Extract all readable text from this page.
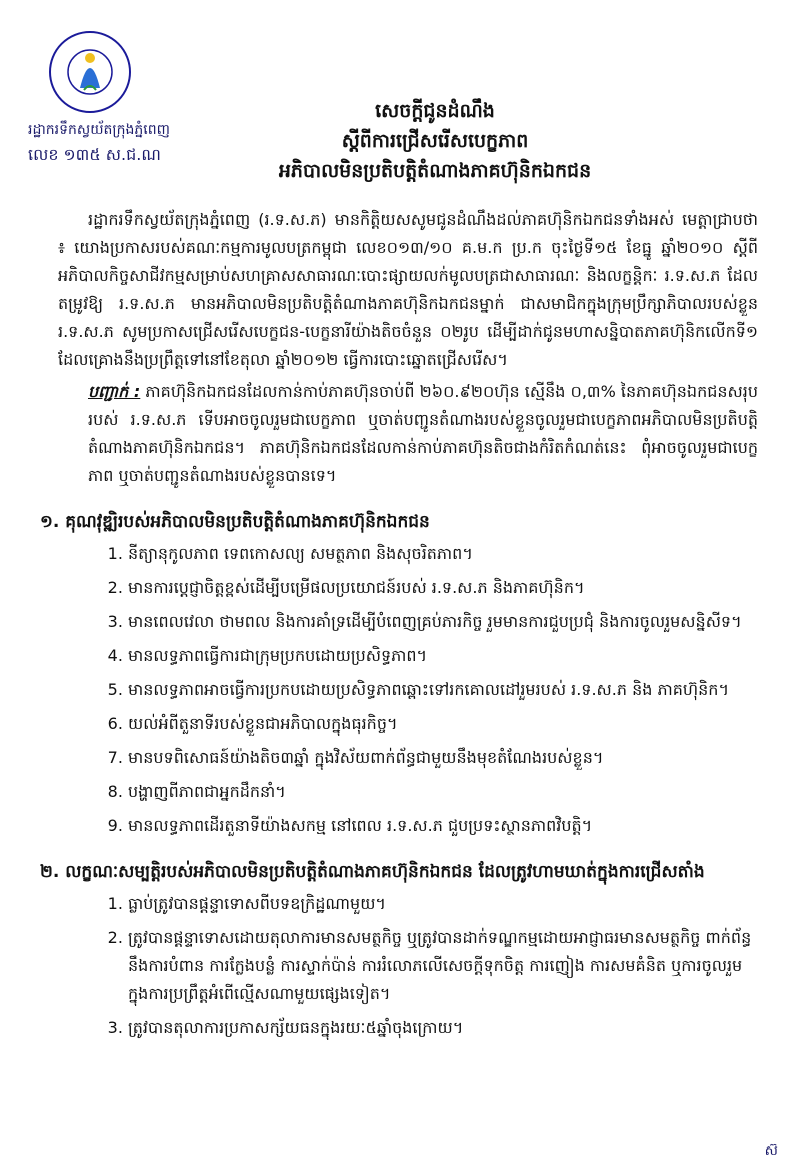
រដ្ឋាករទឹកស្វយ័តក្រុងភ្នំពេញ
លេខ ១៣៥ ស.ជ.ណ
សេចក្តីជូនដំណឹង
ស្តីពីការជ្រើសរើសបេក្ខភាព
អភិបាលមិនប្រតិបត្តិតំណាងភាគហ៊ុនិកឯកជន

រដ្ឋាករទឹកស្វយ័តក្រុងភ្នំពេញ (រ.ទ.ស.ភ) មានកិត្តិយសសូមជូនដំណឹងដល់ភាគហ៊ុនិកឯកជនទាំងអស់ មេត្តាជ្រាបថា ៖ យោងប្រកាសរបស់គណៈកម្មការមូលបត្រកម្ពុជា លេខ០១៣/១០ គ.ម.ក ប្រ.ក ចុះថ្ងៃទី១៥ ខែធ្នូ ឆ្នាំ២០១០ ស្តីពីអភិបាលកិច្ចសាជីវកម្មសម្រាប់សហគ្រាសសាធារណៈបោះផ្សាយលក់មូលបត្រជាសាធារណៈ និងលក្ខន្តិកៈ រ.ទ.ស.ភ ដែលតម្រូវឱ្យ រ.ទ.ស.ភ មានអភិបាលមិនប្រតិបត្តិតំណាងភាគហ៊ុនិកឯកជនម្នាក់ ជាសមាជិកក្នុងក្រុមប្រឹក្សាភិបាលរបស់ខ្លួន រ.ទ.ស.ភ សូមប្រកាសជ្រើសរើសបេក្ខជន-បេក្ខនារីយ៉ាងតិចចំនួន ០២រូប ដើម្បីដាក់ជូនមហាសន្និបាតភាគហ៊ុនិកលើកទី១ ដែលគ្រោងនឹងប្រព្រឹត្តទៅនៅខែតុលា ឆ្នាំ២០១២ ធ្វើការបោះឆ្នោតជ្រើសរើស។

បញ្ជាក់ : ភាគហ៊ុនិកឯកជនដែលកាន់កាប់ភាគហ៊ុនចាប់ពី ២៦០.៩២០ហ៊ុន ស្មើនឹង ០,៣% នៃភាគហ៊ុនឯកជនសរុបរបស់ រ.ទ.ស.ភ ទើបអាចចូលរួមជាបេក្ខភាព ឬចាត់បញ្ជូនតំណាងរបស់ខ្លួនចូលរួមជាបេក្ខភាពអភិបាលមិនប្រតិបត្តិតំណាងភាគហ៊ុនិកឯកជន។ ភាគហ៊ុនិកឯកជនដែលកាន់កាប់ភាគហ៊ុនតិចជាងកំរិតកំណត់នេះ ពុំអាចចូលរួមជាបេក្ខភាព ឬចាត់បញ្ជូនតំណាងរបស់ខ្លួនបានទេ។

១. គុណវុឌ្ឍិរបស់អភិបាលមិនប្រតិបត្តិតំណាងភាគហ៊ុនិកឯកជន
1. នីត្យានុកូលភាព ទេពកោសល្យ សមត្ថភាព និងសុចរិតភាព។
2. មានការប្តេជ្ញាចិត្តខ្ពស់ដើម្បីបម្រើផលប្រយោជន៍របស់ រ.ទ.ស.ភ និងភាគហ៊ុនិក។
3. មានពេលវេលា ថាមពល និងការគាំទ្រដើម្បីបំពេញគ្រប់ភារកិច្ច រួមមានការជួបប្រជុំ និងការចូលរួមសន្និសីទ។
4. មានលទ្ធភាពធ្វើការជាក្រុមប្រកបដោយប្រសិទ្ធភាព។
5. មានលទ្ធភាពអាចធ្វើការប្រកបដោយប្រសិទ្ធភាពឆ្ពោះទៅរកគោលដៅរួមរបស់ រ.ទ.ស.ភ និង ភាគហ៊ុនិក។
6. យល់អំពីតួនាទីរបស់ខ្លួនជាអភិបាលក្នុងធុរកិច្ច។
7. មានបទពិសោធន៍យ៉ាងតិច៣ឆ្នាំ ក្នុងវិស័យពាក់ព័ន្ធជាមួយនឹងមុខតំណែងរបស់ខ្លួន។
8. បង្ហាញពីភាពជាអ្នកដឹកនាំ។
9. មានលទ្ធភាពដើរតួនាទីយ៉ាងសកម្ម នៅពេល រ.ទ.ស.ភ ជួបប្រទះស្ថានភាពវិបត្តិ។
២. លក្ខណៈសម្បត្តិរបស់អភិបាលមិនប្រតិបត្តិតំណាងភាគហ៊ុនិកឯកជន ដែលត្រូវហាមឃាត់ក្នុងការជ្រើសតាំង
1. ធ្លាប់ត្រូវបានផ្តន្ទាទោសពីបទឧក្រិដ្ឋណាមួយ។
2. ត្រូវបានផ្តន្ទាទោសដោយតុលាការមានសមត្ថកិច្ច ឬត្រូវបានដាក់ទណ្ឌកម្មដោយអាជ្ញាធរមានសមត្ថកិច្ច ពាក់ព័ន្ធនឹងការបំពាន ការក្លែងបន្លំ ការស្ទាក់ប៉ាន់ ការរំលោភលើសេចក្តីទុកចិត្ត ការញៀង ការសមគំនិត ឬការចូលរួមក្នុងការប្រព្រឹត្តអំពើល្មើសណាមួយផ្សេងទៀត។
3. ត្រូវបានតុលាការប្រកាសក្ស័យធនក្នុងរយៈ៥ឆ្នាំចុងក្រោយ។
ស៊
